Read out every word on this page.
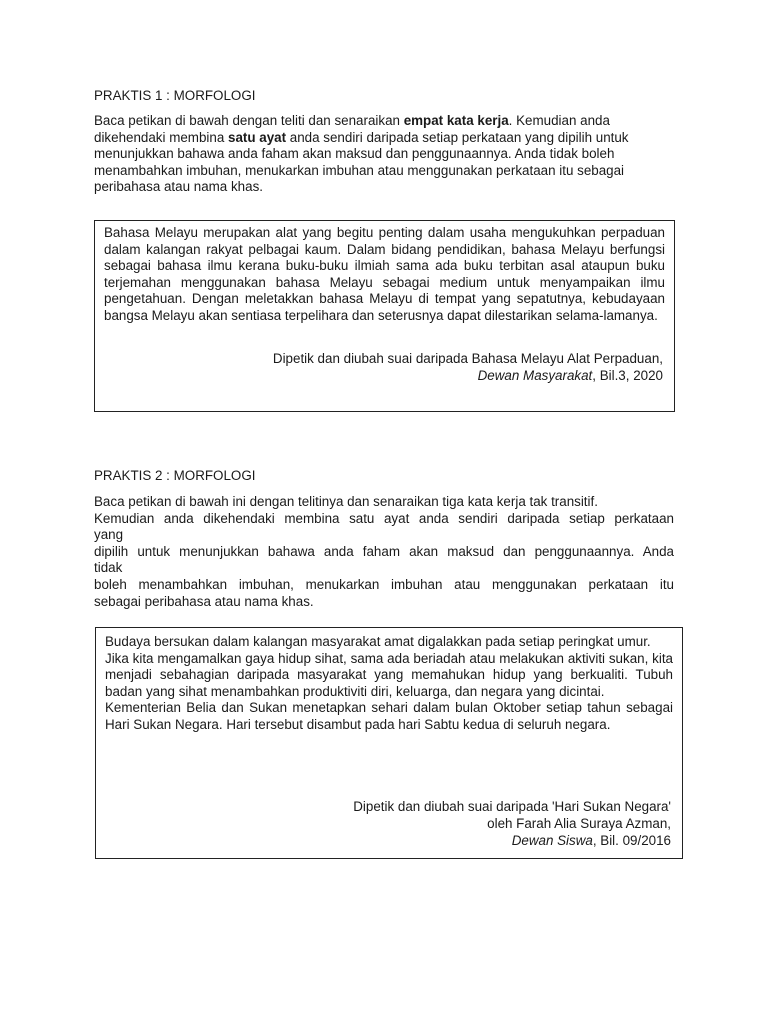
PRAKTIS 1 : MORFOLOGI

Baca petikan di bawah dengan teliti dan senaraikan empat kata kerja. Kemudian anda dikehendaki membina satu ayat anda sendiri daripada setiap perkataan yang dipilih untuk menunjukkan bahawa anda faham akan maksud dan penggunaannya. Anda tidak boleh menambahkan imbuhan, menukarkan imbuhan atau menggunakan perkataan itu sebagai peribahasa atau nama khas.

Bahasa Melayu merupakan alat yang begitu penting dalam usaha mengukuhkan perpaduan dalam kalangan rakyat pelbagai kaum. Dalam bidang pendidikan, bahasa Melayu berfungsi sebagai bahasa ilmu kerana buku-buku ilmiah sama ada buku terbitan asal ataupun buku terjemahan menggunakan bahasa Melayu sebagai medium untuk menyampaikan ilmu pengetahuan. Dengan meletakkan bahasa Melayu di tempat yang sepatutnya, kebudayaan bangsa Melayu akan sentiasa terpelihara dan seterusnya dapat dilestarikan selama-lamanya.

Dipetik dan diubah suai daripada Bahasa Melayu Alat Perpaduan,

Dewan Masyarakat, Bil.3, 2020

PRAKTIS 2 : MORFOLOGI
Baca petikan di bawah ini dengan telitinya dan senaraikan tiga kata kerja tak transitif.
Kemudian anda dikehendaki membina satu ayat anda sendiri daripada setiap perkataan
yang
dipilih untuk menunjukkan bahawa anda faham akan maksud dan penggunaannya. Anda
tidak
boleh menambahkan imbuhan, menukarkan imbuhan atau menggunakan perkataan itu
sebagai peribahasa atau nama khas.

Budaya bersukan dalam kalangan masyarakat amat digalakkan pada setiap peringkat umur.

Jika kita mengamalkan gaya hidup sihat, sama ada beriadah atau melakukan aktiviti sukan, kita menjadi sebahagian daripada masyarakat yang memahukan hidup yang berkualiti. Tubuh badan yang sihat menambahkan produktiviti diri, keluarga, dan negara yang dicintai.

Kementerian Belia dan Sukan menetapkan sehari dalam bulan Oktober setiap tahun sebagai Hari Sukan Negara. Hari tersebut disambut pada hari Sabtu kedua di seluruh negara.

Dipetik dan diubah suai daripada 'Hari Sukan Negara'

oleh Farah Alia Suraya Azman,

Dewan Siswa, Bil. 09/2016
